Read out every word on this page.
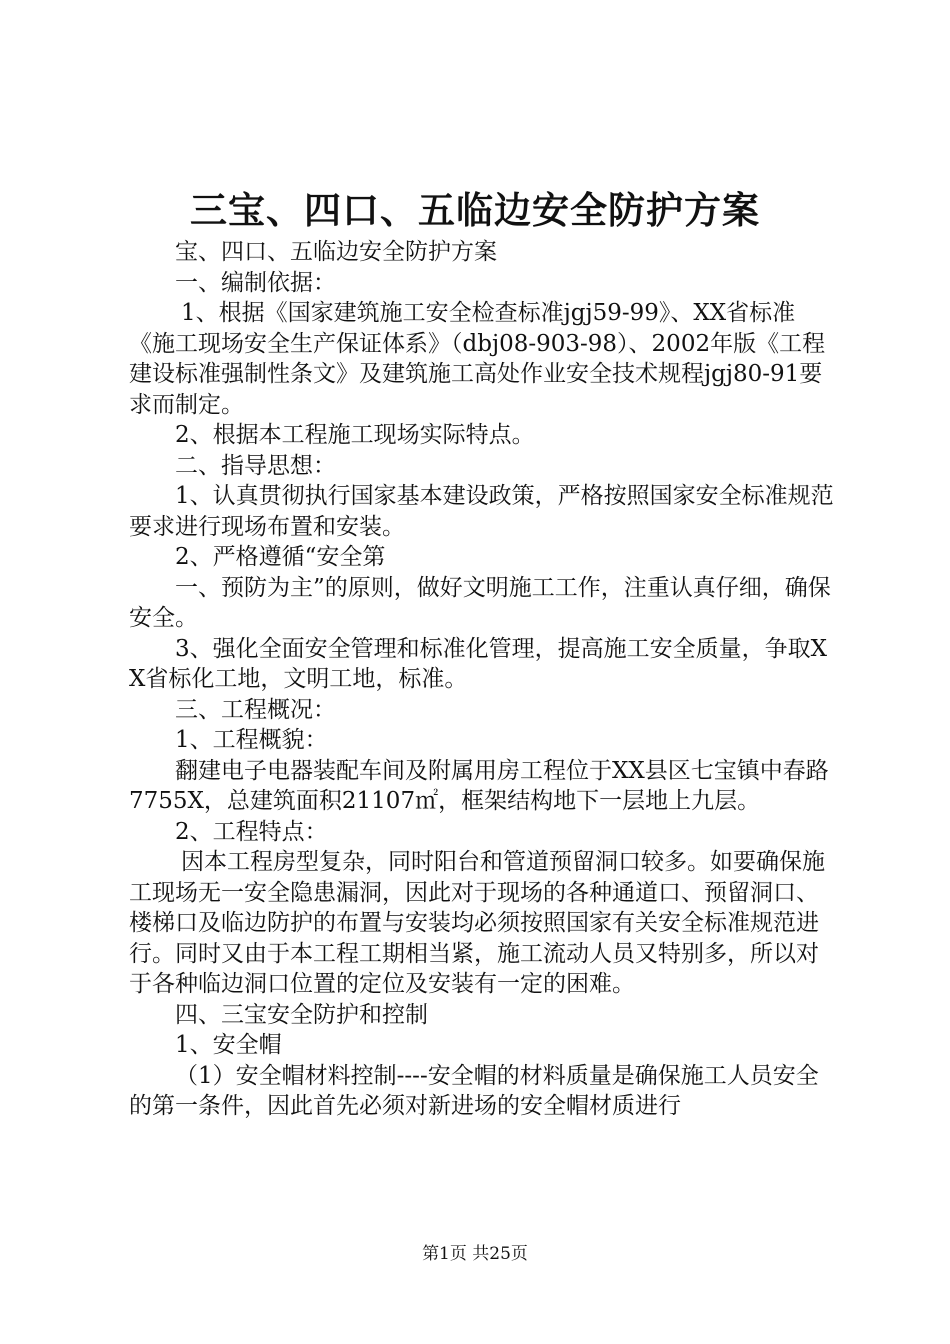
三宝、四口、五临边安全防护方案

宝、四口、五临边安全防护方案

一、编制依据：

1、根据《国家建筑施工安全检查标准jgj59-99》、XX省标准《施工现场安全生产保证体系》（dbj08-903-98）、2002年版《工程建设标准强制性条文》及建筑施工高处作业安全技术规程jgj80-91要求而制定。

2、根据本工程施工现场实际特点。

二、指导思想：

1、认真贯彻执行国家基本建设政策，严格按照国家安全标准规范要求进行现场布置和安装。

2、严格遵循“安全第

一、预防为主”的原则，做好文明施工工作，注重认真仔细，确保安全。

3、强化全面安全管理和标准化管理，提高施工安全质量，争取XX省标化工地，文明工地，标准。

三、工程概况：

1、工程概貌：

翻建电子电器装配车间及附属用房工程位于XX县区七宝镇中春路7755X，总建筑面积21107㎡，框架结构地下一层地上九层。

2、工程特点：

因本工程房型复杂，同时阳台和管道预留洞口较多。如要确保施工现场无一安全隐患漏洞，因此对于现场的各种通道口、预留洞口、楼梯口及临边防护的布置与安装均必须按照国家有关安全标准规范进行。同时又由于本工程工期相当紧，施工流动人员又特别多，所以对于各种临边洞口位置的定位及安装有一定的困难。

四、三宝安全防护和控制

1、安全帽

（1）安全帽材料控制----安全帽的材料质量是确保施工人员安全的第一条件，因此首先必须对新进场的安全帽材质进行

第1页 共25页
